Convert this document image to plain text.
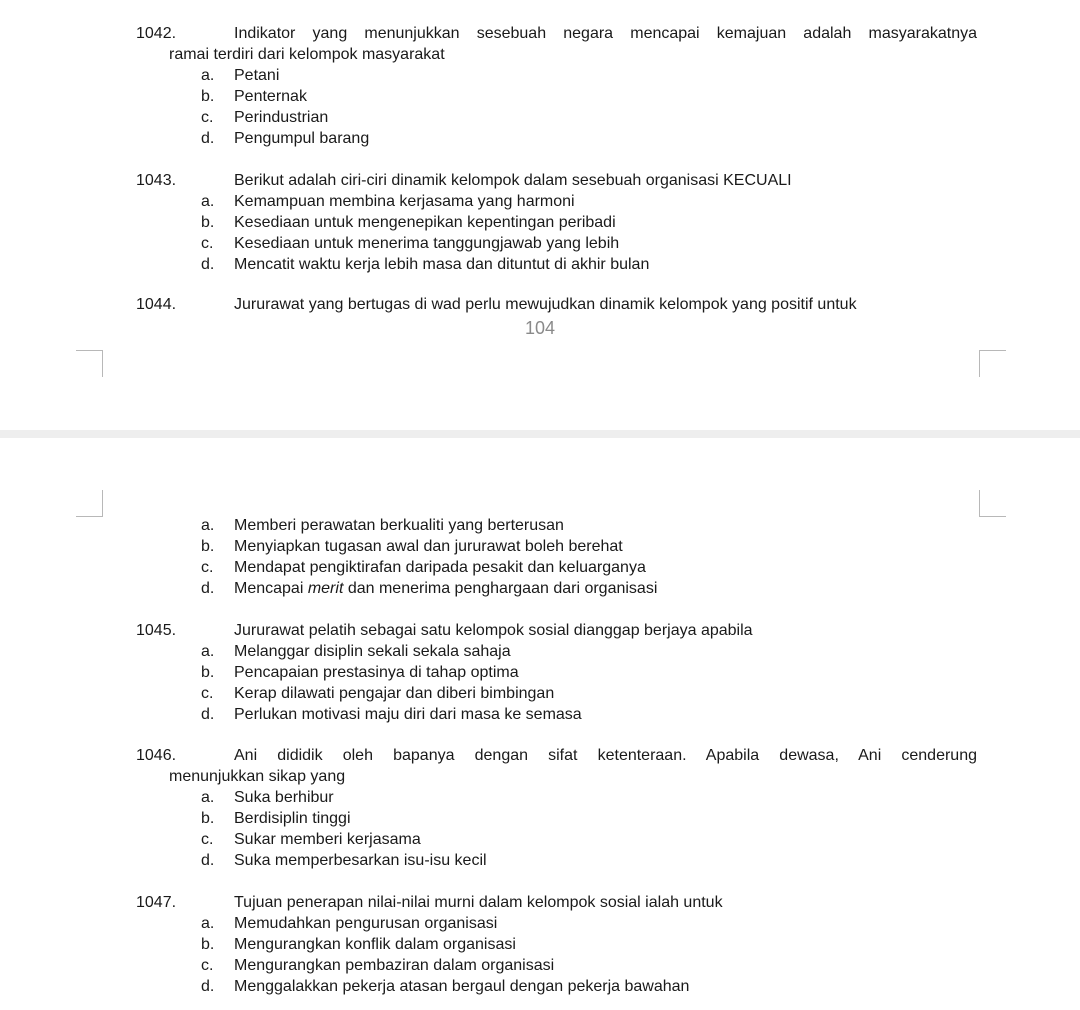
1042.	Indikator yang menunjukkan sesebuah negara mencapai kemajuan adalah masyarakatnya
ramai terdiri dari kelompok masyarakat
a. Petani
b. Penternak
c. Perindustrian
d. Pengumpul barang
1043.	Berikut adalah ciri-ciri dinamik kelompok dalam sesebuah organisasi KECUALI
a. Kemampuan membina kerjasama yang harmoni
b. Kesediaan untuk mengenepikan kepentingan peribadi
c. Kesediaan untuk menerima tanggungjawab yang lebih
d. Mencatit waktu kerja lebih masa dan dituntut di akhir bulan
1044.	Jururawat yang bertugas di wad perlu mewujudkan dinamik kelompok yang positif untuk
104
a. Memberi perawatan berkualiti yang berterusan
b. Menyiapkan tugasan awal dan jururawat boleh berehat
c. Mendapat pengiktirafan daripada pesakit dan keluarganya
d. Mencapai merit dan menerima penghargaan dari organisasi
1045.	Jururawat pelatih sebagai satu kelompok sosial dianggap berjaya apabila
a. Melanggar disiplin sekali sekala sahaja
b. Pencapaian prestasinya di tahap optima
c. Kerap dilawati pengajar dan diberi bimbingan
d. Perlukan motivasi maju diri dari masa ke semasa
1046.	Ani dididik oleh bapanya dengan sifat ketenteraan. Apabila dewasa, Ani cenderung
menunjukkan sikap yang
a. Suka berhibur
b. Berdisiplin tinggi
c. Sukar memberi kerjasama
d. Suka memperbesarkan isu-isu kecil
1047.	Tujuan penerapan nilai-nilai murni dalam kelompok sosial ialah untuk
a. Memudahkan pengurusan organisasi
b. Mengurangkan konflik dalam organisasi
c. Mengurangkan pembaziran dalam organisasi
d. Menggalakkan pekerja atasan bergaul dengan pekerja bawahan
